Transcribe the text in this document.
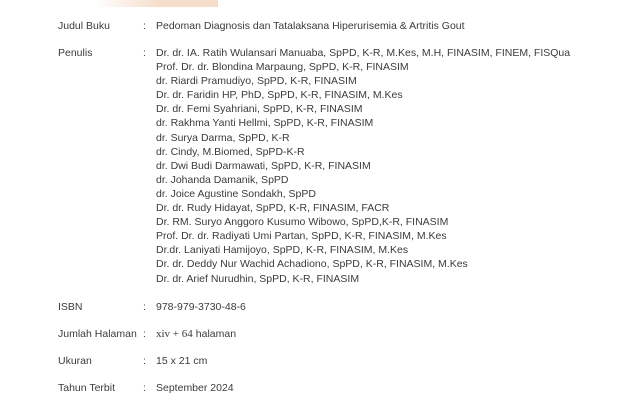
Judul Buku	: Pedoman Diagnosis dan Tatalaksana Hiperurisemia & Artritis Gout
Penulis	: Dr. dr. IA. Ratih Wulansari Manuaba, SpPD, K-R, M.Kes, M.H, FINASIM, FINEM, FISQua
Prof. Dr. dr. Blondina Marpaung, SpPD, K-R, FINASIM
dr. Riardi Pramudiyo, SpPD, K-R, FINASIM
Dr. dr. Faridin HP, PhD, SpPD, K-R, FINASIM, M.Kes
Dr. dr. Femi Syahriani, SpPD, K-R, FINASIM
dr. Rakhma Yanti Hellmi, SpPD, K-R, FINASIM
dr. Surya Darma, SpPD, K-R
dr. Cindy, M.Biomed, SpPD-K-R
dr. Dwi Budi Darmawati, SpPD, K-R, FINASIM
dr. Johanda Damanik, SpPD
dr. Joice Agustine Sondakh, SpPD
Dr. dr. Rudy Hidayat, SpPD, K-R, FINASIM, FACR
Dr. RM. Suryo Anggoro Kusumo Wibowo, SpPD,K-R, FINASIM
Prof. Dr. dr. Radiyati Umi Partan, SpPD, K-R, FINASIM, M.Kes
Dr.dr. Laniyati Hamijoyo, SpPD, K-R, FINASIM, M.Kes
Dr. dr. Deddy Nur Wachid Achadiono, SpPD, K-R, FINASIM, M.Kes
Dr. dr. Arief Nurudhin, SpPD, K-R, FINASIM
ISBN	: 978-979-3730-48-6
Jumlah Halaman : xiv + 64 halaman
Ukuran	: 15 x 21 cm
Tahun Terbit	: September 2024
